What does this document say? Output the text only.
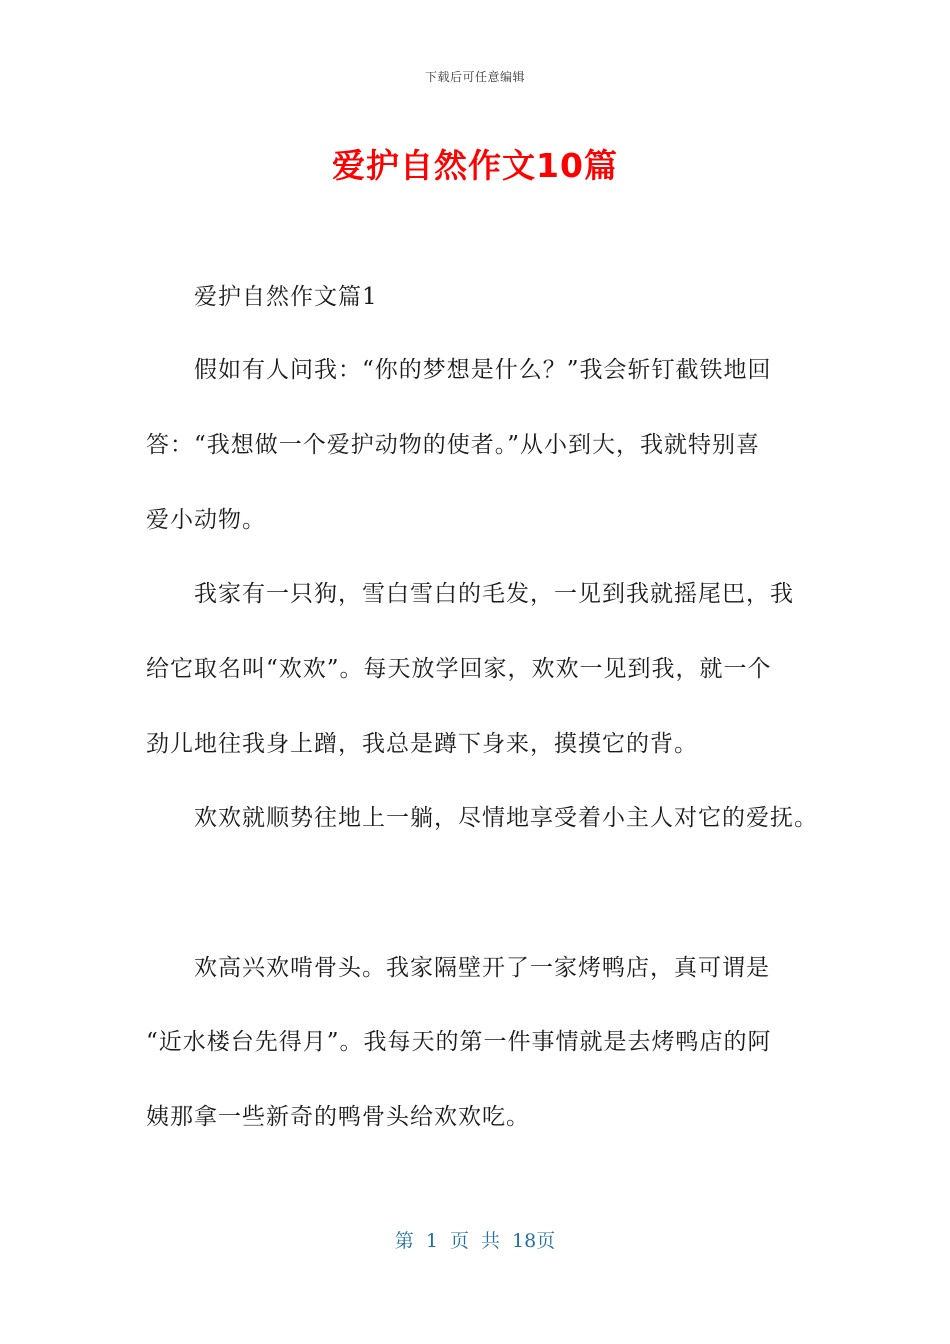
下载后可任意编辑
爱护自然作文10篇
爱护自然作文篇1
假如有人问我：“你的梦想是什么？”我会斩钉截铁地回
答：“我想做一个爱护动物的使者。”从小到大，我就特别喜
爱小动物。
我家有一只狗，雪白雪白的毛发，一见到我就摇尾巴，我
给它取名叫“欢欢”。每天放学回家，欢欢一见到我，就一个
劲儿地往我身上蹭，我总是蹲下身来，摸摸它的背。
欢欢就顺势往地上一躺，尽情地享受着小主人对它的爱抚。
欢高兴欢啃骨头。我家隔壁开了一家烤鸭店，真可谓是
“近水楼台先得月”。我每天的第一件事情就是去烤鸭店的阿
姨那拿一些新奇的鸭骨头给欢欢吃。
第 1 页 共 18页
